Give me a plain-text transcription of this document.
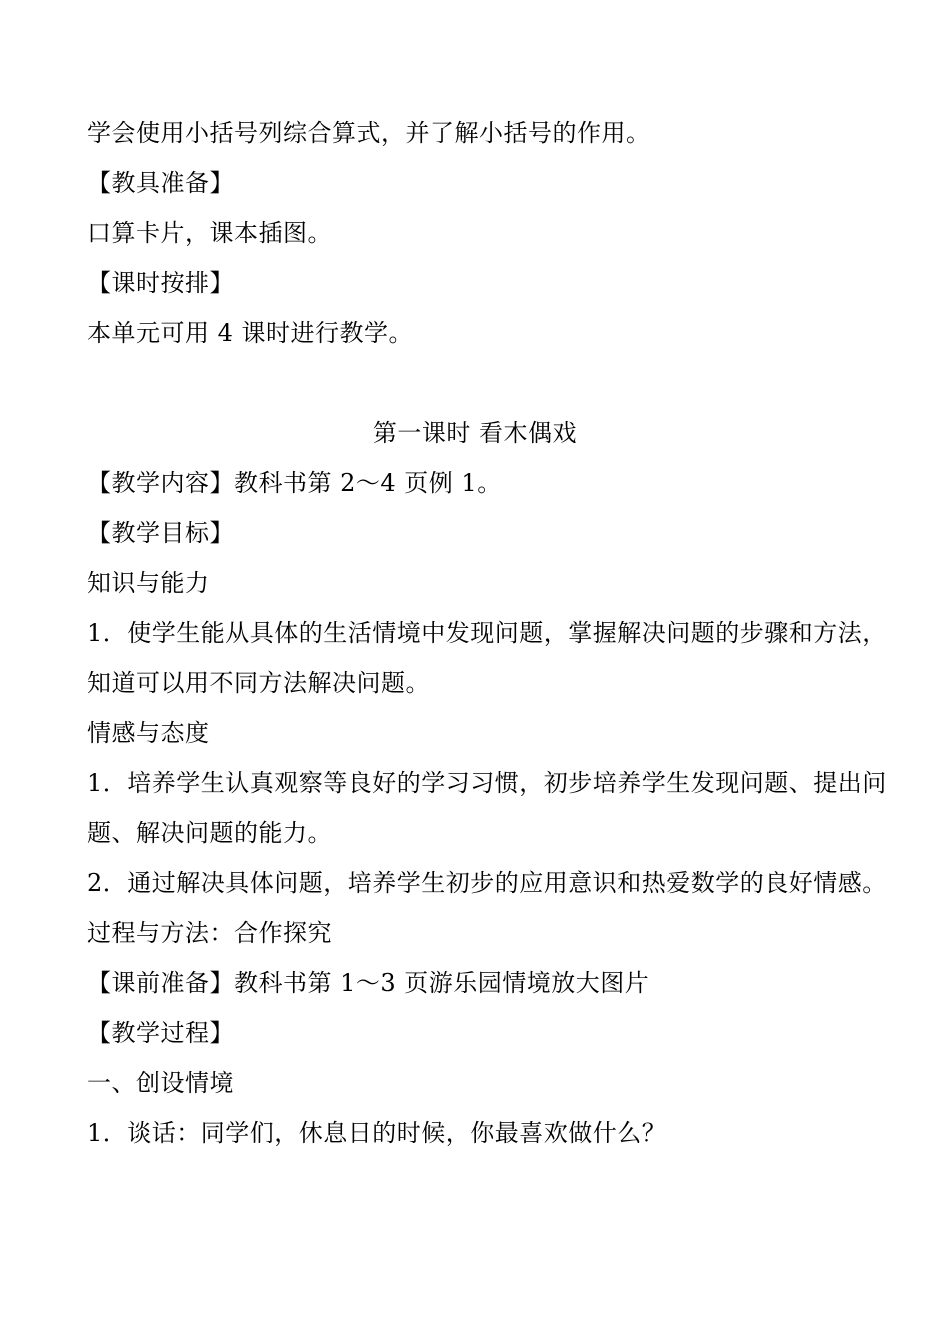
学会使用小括号列综合算式，并了解小括号的作用。
【教具准备】
口算卡片，课本插图。
【课时按排】
本单元可用 4 课时进行教学。
第一课时 看木偶戏
【教学内容】教科书第 2～4 页例 1。
【教学目标】
知识与能力
1．使学生能从具体的生活情境中发现问题，掌握解决问题的步骤和方法，
知道可以用不同方法解决问题。
情感与态度
1．培养学生认真观察等良好的学习习惯，初步培养学生发现问题、提出问
题、解决问题的能力。
2．通过解决具体问题，培养学生初步的应用意识和热爱数学的良好情感。
过程与方法：合作探究
【课前准备】教科书第 1～3 页游乐园情境放大图片
【教学过程】
一、创设情境
1．谈话：同学们，休息日的时候，你最喜欢做什么？
